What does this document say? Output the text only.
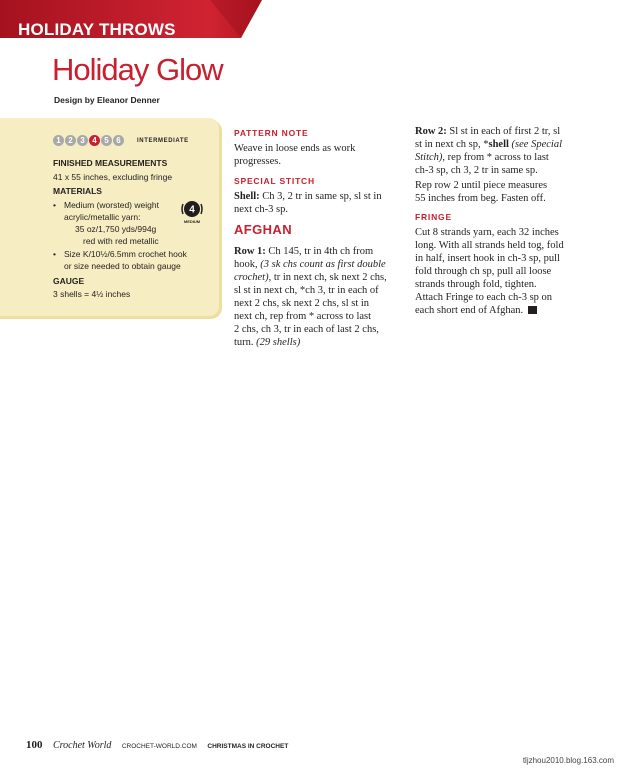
HOLIDAY THROWS
Holiday Glow
Design by Eleanor Denner
1 2 3 4 5 6	INTERMEDIATE
FINISHED MEASUREMENTS
41 x 55 inches, excluding fringe
MATERIALS
• Medium (worsted) weight
acrylic/metallic yarn:
35 oz/1,750 yds/994g
red with red metallic
4
MEDIUM
• Size K/10½/6.5mm crochet hook
or size needed to obtain gauge
GAUGE
3 shells = 4½ inches
PATTERN NOTE
Weave in loose ends as work
progresses.
SPECIAL STITCH
Shell: Ch 3, 2 tr in same sp, sl st in
next ch-3 sp.
AFGHAN
Row 1: Ch 145, tr in 4th ch from
hook, (3 sk chs count as first double
crochet), tr in next ch, sk next 2 chs,
sl st in next ch, *ch 3, tr in each of
next 2 chs, sk next 2 chs, sl st in
next ch, rep from * across to last
2 chs, ch 3, tr in each of last 2 chs,
turn. (29 shells)
Row 2: Sl st in each of first 2 tr, sl
st in next ch sp, *shell (see Special
Stitch), rep from * across to last
ch-3 sp, ch 3, 2 tr in same sp.
Rep row 2 until piece measures
55 inches from beg. Fasten off.
FRINGE
Cut 8 strands yarn, each 32 inches
long. With all strands held tog, fold
in half, insert hook in ch-3 sp, pull
fold through ch sp, pull all loose
strands through fold, tighten.
Attach Fringe to each ch-3 sp on
each short end of Afghan.
100 Crochet World CROCHET-WORLD.COM CHRISTMAS IN CROCHET
tljzhou2010.blog.163.com
